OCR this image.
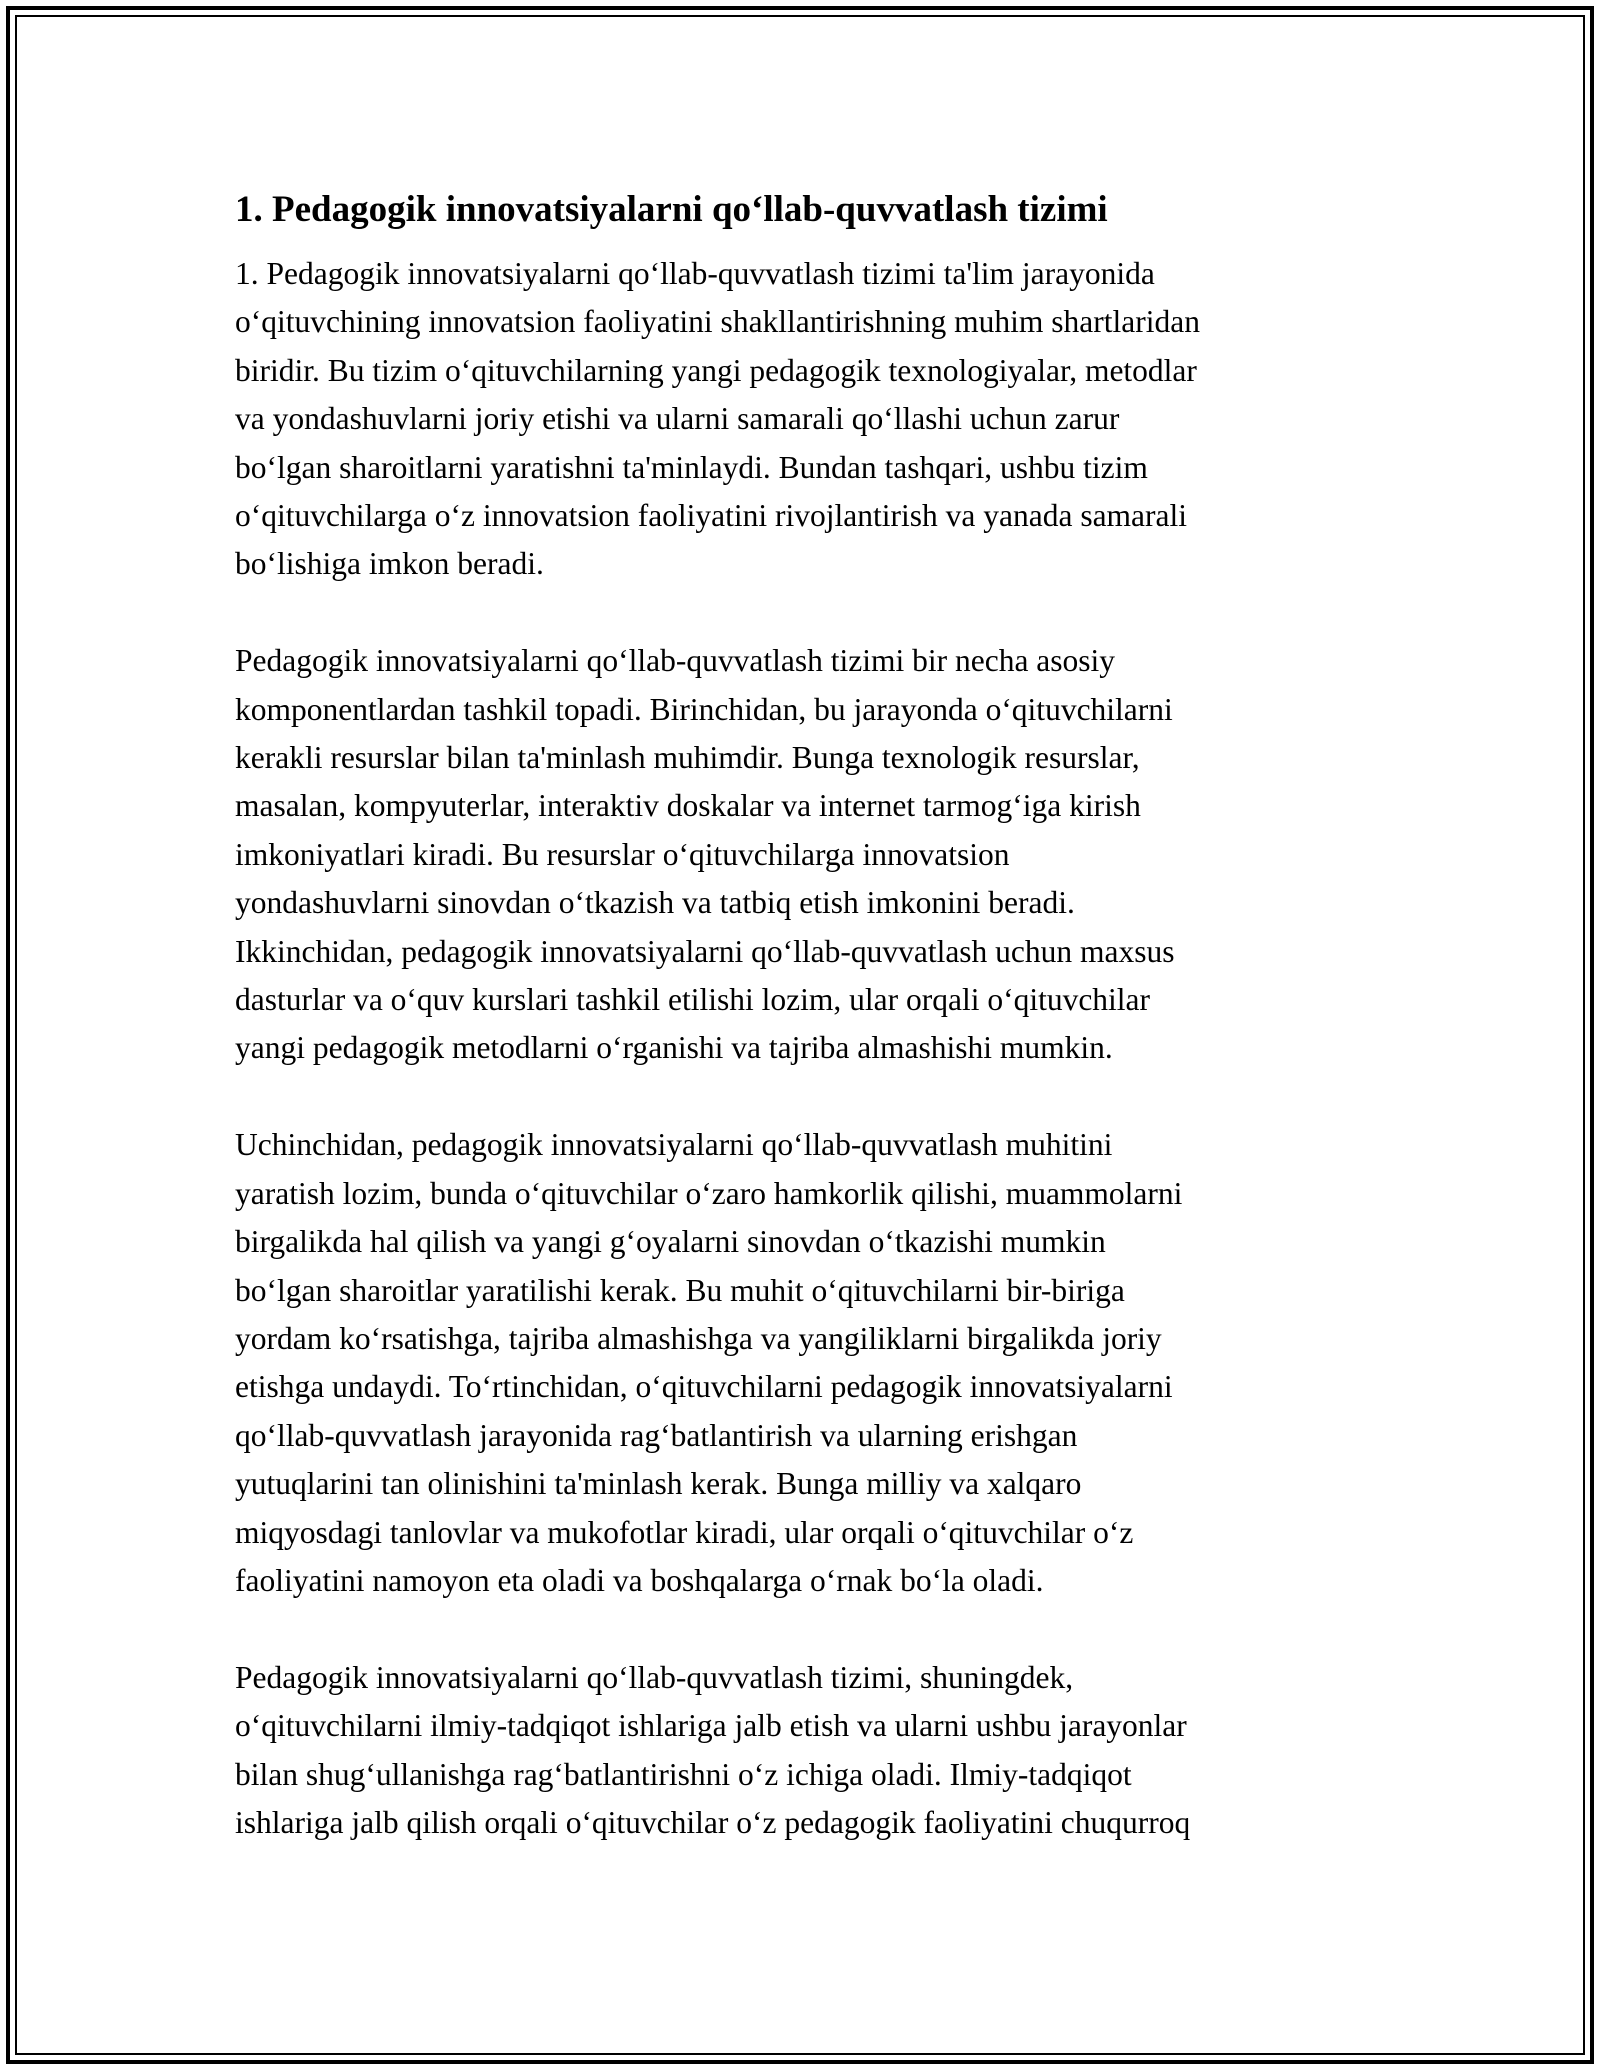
1. Pedagogik innovatsiyalarni qo‘llab-quvvatlash tizimi

1. Pedagogik innovatsiyalarni qo‘llab-quvvatlash tizimi ta'lim jarayonida
o‘qituvchining innovatsion faoliyatini shakllantirishning muhim shartlaridan
biridir. Bu tizim o‘qituvchilarning yangi pedagogik texnologiyalar, metodlar
va yondashuvlarni joriy etishi va ularni samarali qo‘llashi uchun zarur
bo‘lgan sharoitlarni yaratishni ta'minlaydi. Bundan tashqari, ushbu tizim
o‘qituvchilarga o‘z innovatsion faoliyatini rivojlantirish va yanada samarali
bo‘lishiga imkon beradi.

Pedagogik innovatsiyalarni qo‘llab-quvvatlash tizimi bir necha asosiy
komponentlardan tashkil topadi. Birinchidan, bu jarayonda o‘qituvchilarni
kerakli resurslar bilan ta'minlash muhimdir. Bunga texnologik resurslar,
masalan, kompyuterlar, interaktiv doskalar va internet tarmog‘iga kirish
imkoniyatlari kiradi. Bu resurslar o‘qituvchilarga innovatsion
yondashuvlarni sinovdan o‘tkazish va tatbiq etish imkonini beradi.
Ikkinchidan, pedagogik innovatsiyalarni qo‘llab-quvvatlash uchun maxsus
dasturlar va o‘quv kurslari tashkil etilishi lozim, ular orqali o‘qituvchilar
yangi pedagogik metodlarni o‘rganishi va tajriba almashishi mumkin.

Uchinchidan, pedagogik innovatsiyalarni qo‘llab-quvvatlash muhitini
yaratish lozim, bunda o‘qituvchilar o‘zaro hamkorlik qilishi, muammolarni
birgalikda hal qilish va yangi g‘oyalarni sinovdan o‘tkazishi mumkin
bo‘lgan sharoitlar yaratilishi kerak. Bu muhit o‘qituvchilarni bir-biriga
yordam ko‘rsatishga, tajriba almashishga va yangiliklarni birgalikda joriy
etishga undaydi. To‘rtinchidan, o‘qituvchilarni pedagogik innovatsiyalarni
qo‘llab-quvvatlash jarayonida rag‘batlantirish va ularning erishgan
yutuqlarini tan olinishini ta'minlash kerak. Bunga milliy va xalqaro
miqyosdagi tanlovlar va mukofotlar kiradi, ular orqali o‘qituvchilar o‘z
faoliyatini namoyon eta oladi va boshqalarga o‘rnak bo‘la oladi.

Pedagogik innovatsiyalarni qo‘llab-quvvatlash tizimi, shuningdek,
o‘qituvchilarni ilmiy-tadqiqot ishlariga jalb etish va ularni ushbu jarayonlar
bilan shug‘ullanishga rag‘batlantirishni o‘z ichiga oladi. Ilmiy-tadqiqot
ishlariga jalb qilish orqali o‘qituvchilar o‘z pedagogik faoliyatini chuqurroq
